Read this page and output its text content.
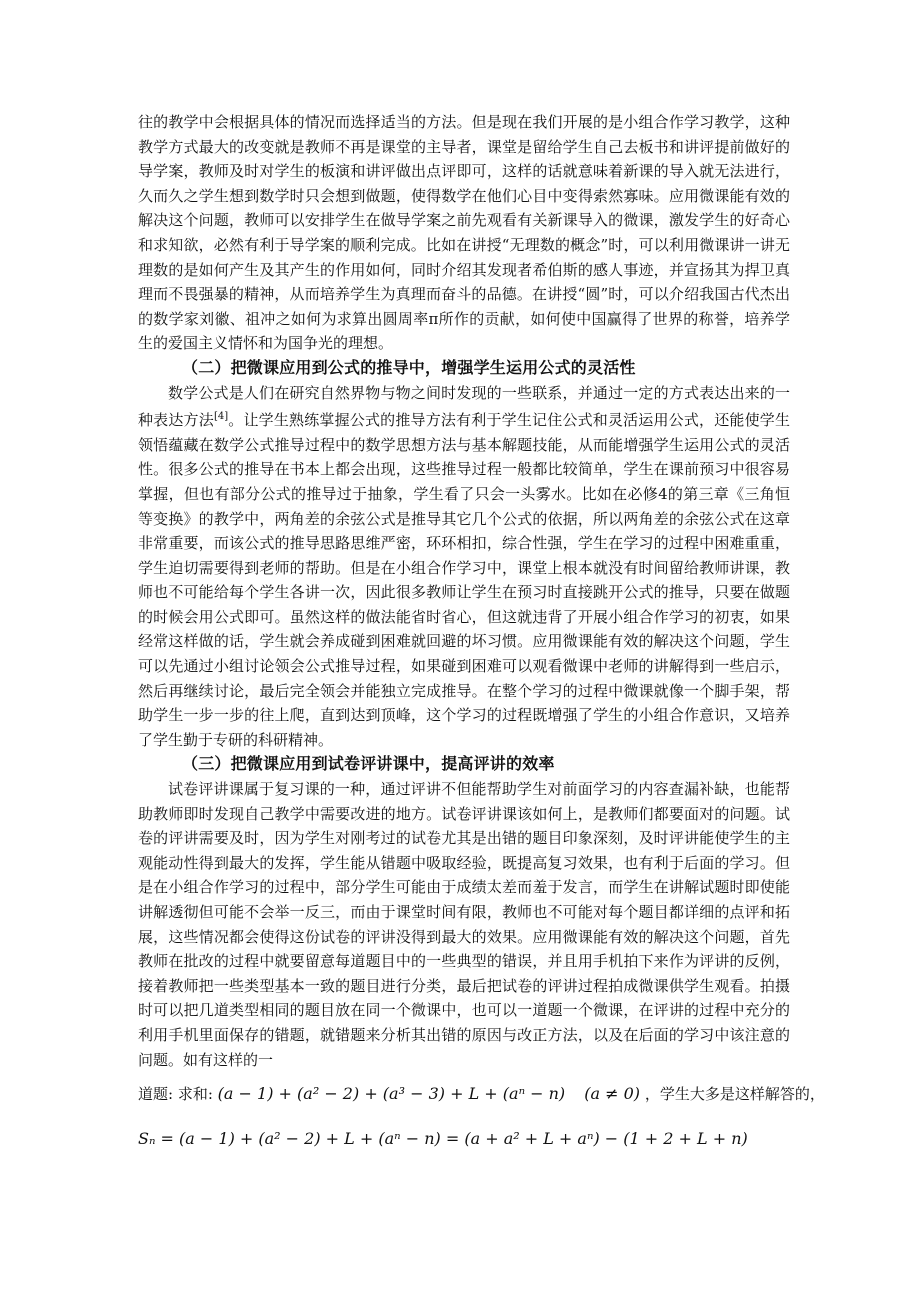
往的教学中会根据具体的情况而选择适当的方法。但是现在我们开展的是小组合作学习教学，这种教学方式最大的改变就是教师不再是课堂的主导者，课堂是留给学生自己去板书和讲评提前做好的导学案，教师及时对学生的板演和讲评做出点评即可，这样的话就意味着新课的导入就无法进行，久而久之学生想到数学时只会想到做题，使得数学在他们心目中变得索然寡味。应用微课能有效的解决这个问题，教师可以安排学生在做导学案之前先观看有关新课导入的微课，激发学生的好奇心和求知欲，必然有利于导学案的顺利完成。比如在讲授“无理数的概念”时，可以利用微课讲一讲无理数的是如何产生及其产生的作用如何，同时介绍其发现者希伯斯的感人事迹，并宣扬其为捍卫真理而不畏强暴的精神，从而培养学生为真理而奋斗的品德。在讲授“圆”时，可以介绍我国古代杰出的数学家刘徽、祖冲之如何为求算出圆周率π所作的贡献，如何使中国赢得了世界的称誉，培养学生的爱国主义情怀和为国争光的理想。

（二）把微课应用到公式的推导中，增强学生运用公式的灵活性

数学公式是人们在研究自然界物与物之间时发现的一些联系，并通过一定的方式表达出来的一种表达方法[4]。让学生熟练掌握公式的推导方法有利于学生记住公式和灵活运用公式，还能使学生领悟蕴藏在数学公式推导过程中的数学思想方法与基本解题技能，从而能增强学生运用公式的灵活性。很多公式的推导在书本上都会出现，这些推导过程一般都比较简单，学生在课前预习中很容易掌握，但也有部分公式的推导过于抽象，学生看了只会一头雾水。比如在必修4的第三章《三角恒等变换》的教学中，两角差的余弦公式是推导其它几个公式的依据，所以两角差的余弦公式在这章非常重要，而该公式的推导思路思维严密，环环相扣，综合性强，学生在学习的过程中困难重重，学生迫切需要得到老师的帮助。但是在小组合作学习中，课堂上根本就没有时间留给教师讲课，教师也不可能给每个学生各讲一次，因此很多教师让学生在预习时直接跳开公式的推导，只要在做题的时候会用公式即可。虽然这样的做法能省时省心，但这就违背了开展小组合作学习的初衷，如果经常这样做的话，学生就会养成碰到困难就回避的坏习惯。应用微课能有效的解决这个问题，学生可以先通过小组讨论领会公式推导过程，如果碰到困难可以观看微课中老师的讲解得到一些启示，然后再继续讨论，最后完全领会并能独立完成推导。在整个学习的过程中微课就像一个脚手架，帮助学生一步一步的往上爬，直到达到顶峰，这个学习的过程既增强了学生的小组合作意识，又培养了学生勤于专研的科研精神。

（三）把微课应用到试卷评讲课中，提高评讲的效率

试卷评讲课属于复习课的一种，通过评讲不但能帮助学生对前面学习的内容查漏补缺，也能帮助教师即时发现自己教学中需要改进的地方。试卷评讲课该如何上，是教师们都要面对的问题。试卷的评讲需要及时，因为学生对刚考过的试卷尤其是出错的题目印象深刻，及时评讲能使学生的主观能动性得到最大的发挥，学生能从错题中吸取经验，既提高复习效果，也有利于后面的学习。但是在小组合作学习的过程中，部分学生可能由于成绩太差而羞于发言，而学生在讲解试题时即使能讲解透彻但可能不会举一反三，而由于课堂时间有限，教师也不可能对每个题目都详细的点评和拓展，这些情况都会使得这份试卷的评讲没得到最大的效果。应用微课能有效的解决这个问题，首先教师在批改的过程中就要留意每道题目中的一些典型的错误，并且用手机拍下来作为评讲的反例，接着教师把一些类型基本一致的题目进行分类，最后把试卷的评讲过程拍成微课供学生观看。拍摄时可以把几道类型相同的题目放在同一个微课中，也可以一道题一个微课，在评讲的过程中充分的利用手机里面保存的错题，就错题来分析其出错的原因与改正方法，以及在后面的学习中该注意的问题。如有这样的一

道题: 求和: (a − 1) + (a² − 2) + (a³ − 3) + L + (aⁿ − n) (a ≠ 0) ，学生大多是这样解答的，

Sₙ = (a − 1) + (a² − 2) + L + (aⁿ − n) = (a + a² + L + aⁿ) − (1 + 2 + L + n)
